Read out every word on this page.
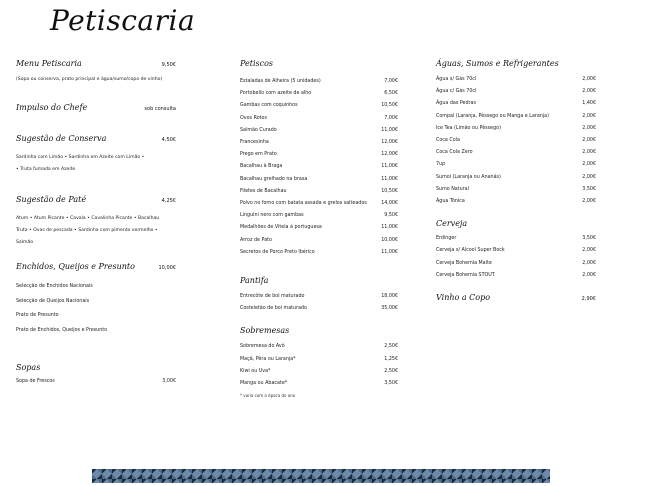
Petiscaria
Menu Petiscaria	9,50€
(Sopa ou conserva, prato principal e água/sumo/copo de vinho)
Impulso do Chefe	sob consulta
Sugestão de Conserva	4,50€
Sardinha com Limão • Sardinha em Azeite com Limão •
• Truta fumada em Azeite
Sugestão de Paté	4,25€
Atum • Atum Picante • Cavala • Cavalinha Picante • Bacalhau
Truta • Ovas de pescada • Sardinha com pimento vermelho •
Salmão
Enchidos, Queijos e Presunto	10,00€
Selecção de Enchidos Nacionais
Selecção de Queijos Nacionais
Prato de Presunto
Prato de Enchidos, Queijos e Presunto
Sopas
Sopa de Frescos	3,00€
Petiscos
Estaladas de Alheira (5 unidades)	7,00€
Portobello com azeite de alho	6,50€
Gambas com coquinhos	10,50€
Ovos Rotos	7,00€
Salmão Curado	11,00€
Francesinha	12,00€
Prego em Prato	12,00€
Bacalhau à Braga	11,00€
Bacalhau grelhado na brasa	11,00€
Filetes de Bacalhau	10,50€
Polvo no forno com batata assada e grelos salteados	14,00€
Linguini nero com gambas	9,50€
Medalhões de Vitela à portuguesa	11,00€
Arroz de Pato	10,00€
Secretos de Porco Preto Ibérico	11,00€
Pantifa
Entrecôte de boi maturado	18,00€
Costeletão de boi maturado	35,00€
Sobremesas
Sobremesa do Avô	2,50€
Maçã, Pêra ou Laranja*	1,25€
Kiwi ou Uva*	2,50€
Manga ou Abacate*	3,50€
* varia com a época do ano
Águas, Sumos e Refrigerantes
Água s/ Gás 70cl	2,00€
Água c/ Gás 70cl	2,00€
Água das Pedras	1,40€
Compal (Laranja, Pêssego ou Manga e Laranja)	2,00€
Ice Tea (Limão ou Pêssego)	2,00€
Coca Cola	2,00€
Coca Cola Zero	2,00€
7up	2,00€
Sumol (Laranja ou Ananás)	2,00€
Sumo Natural	3,50€
Água Tónica	2,00€
Cerveja
Erdinger	3,50€
Cerveja s/ Alcool Super Bock	2,00€
Cerveja Bohemia Malte	2,00€
Cerveja Bohemia STOUT	2,00€
Vinho a Copo	2,90€
